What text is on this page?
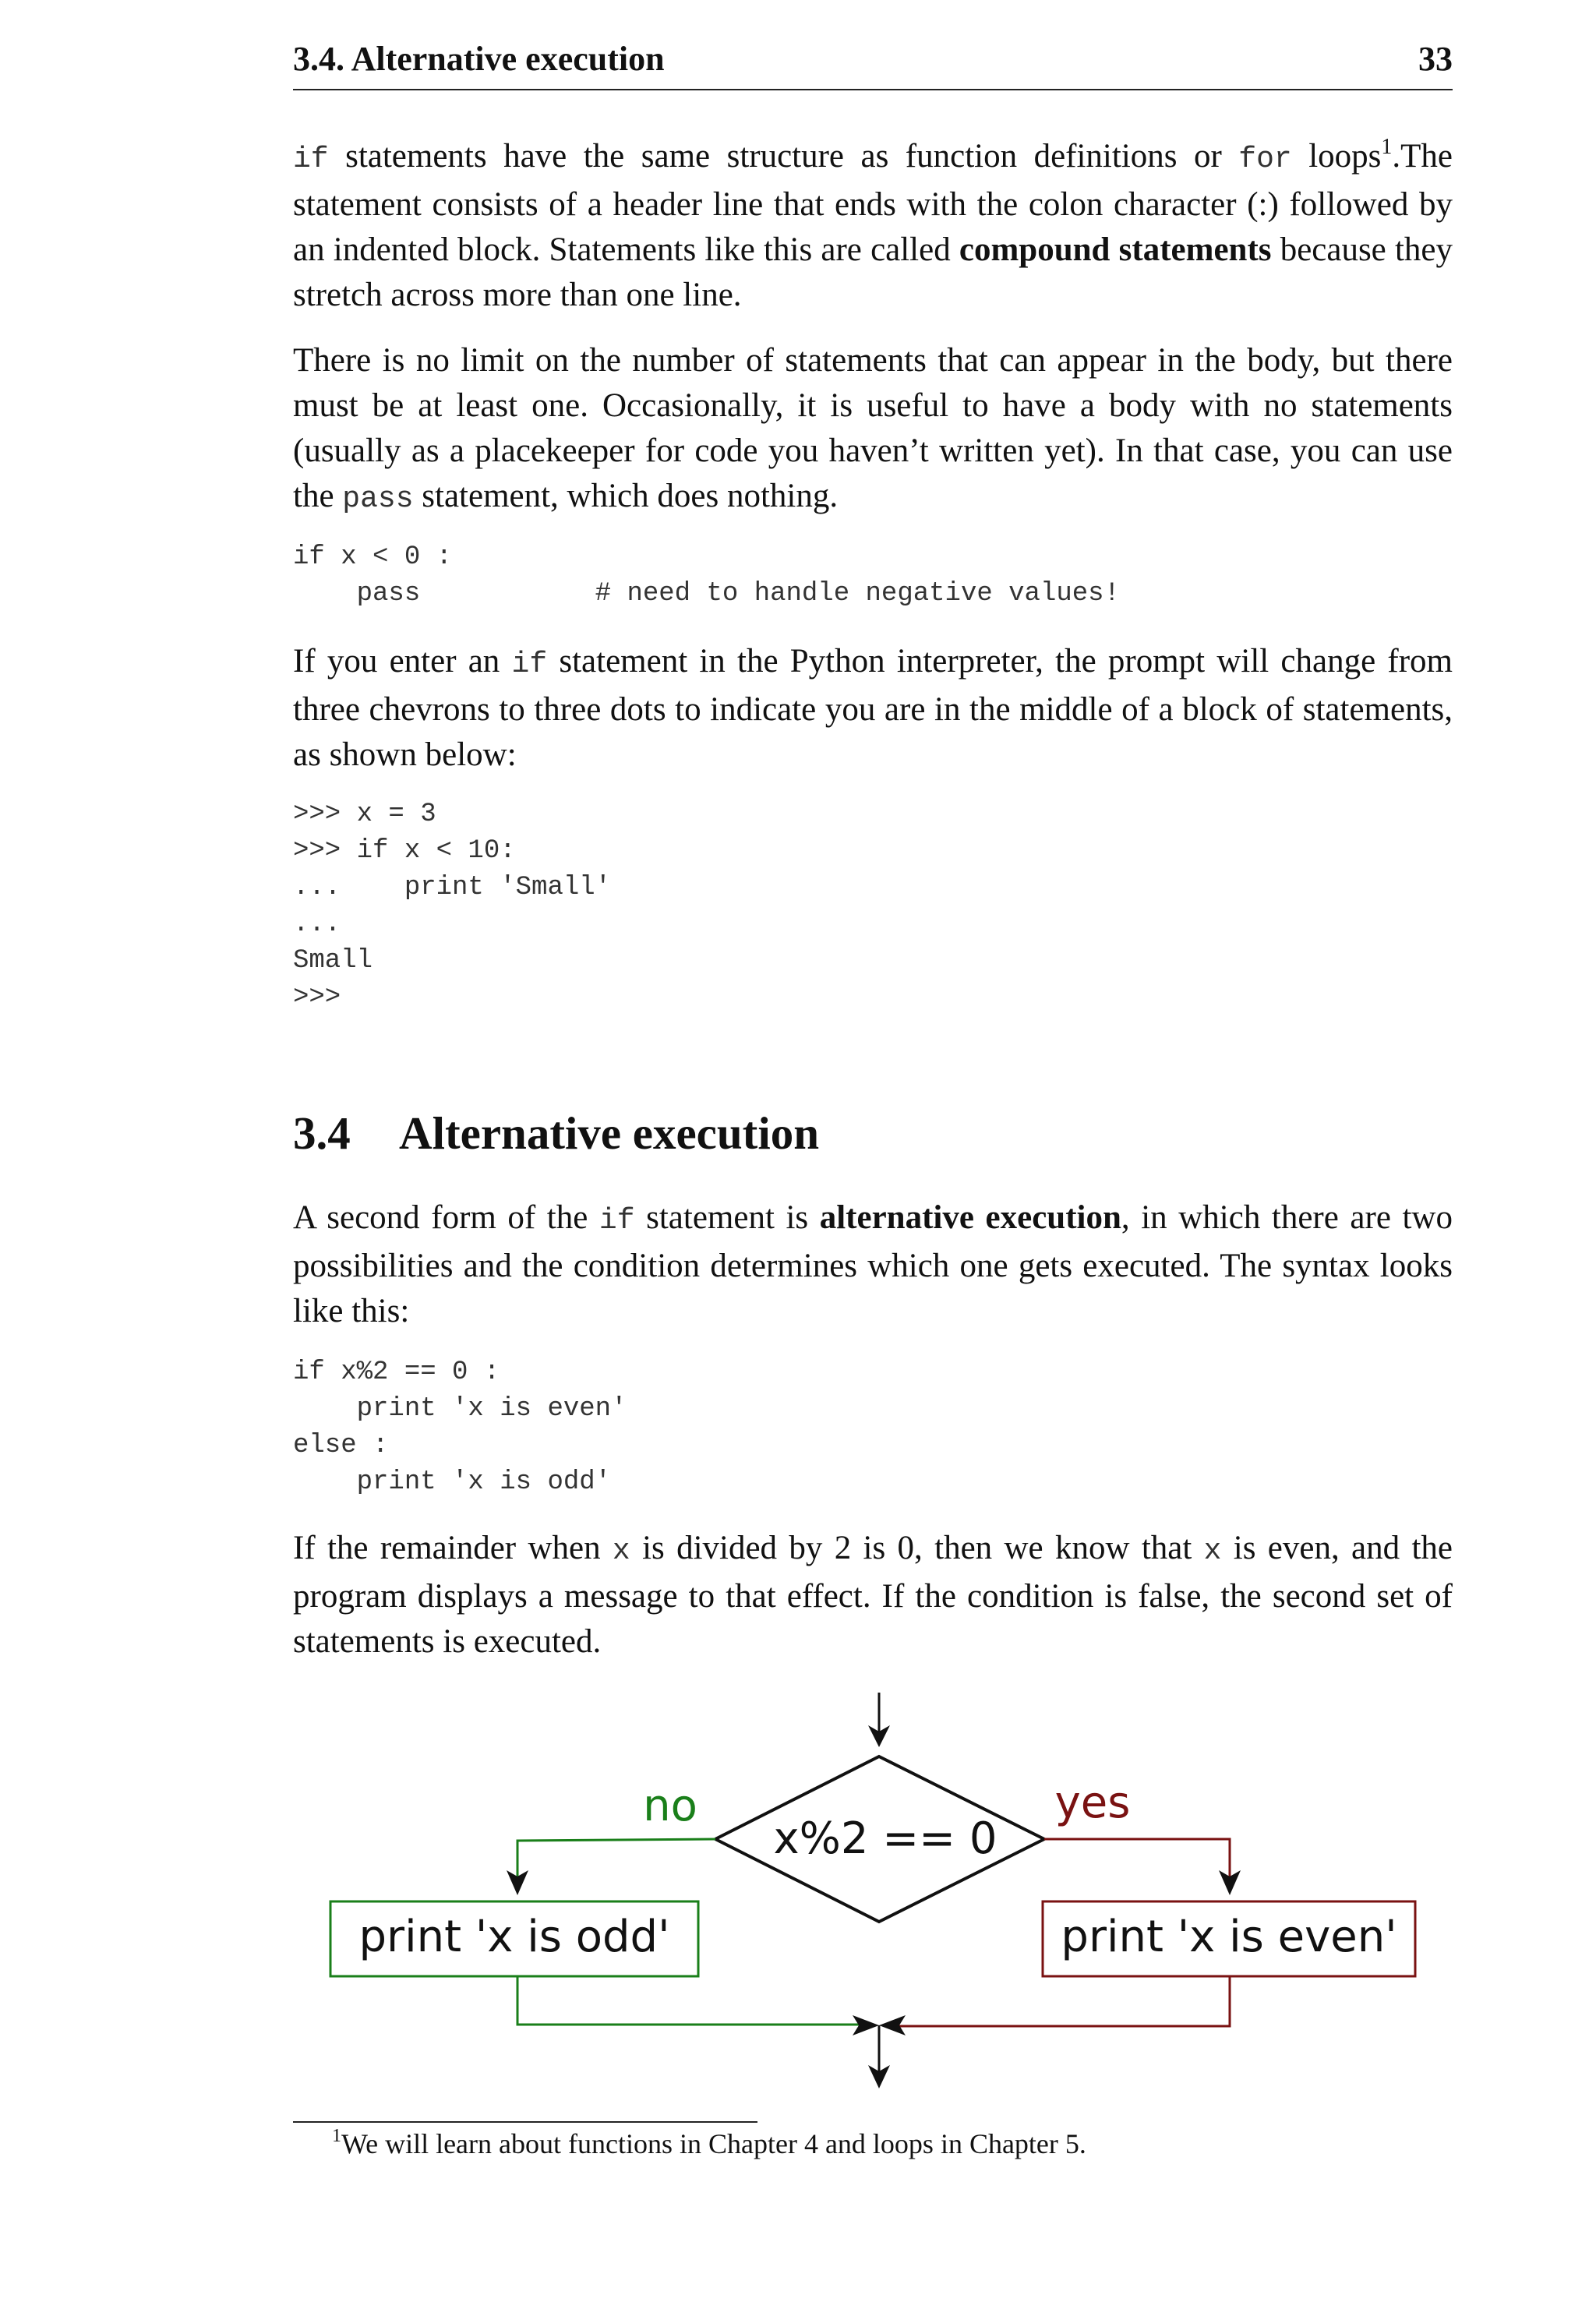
3.4. Alternative execution	33

if statements have the same structure as function definitions or for loops$^1$.The statement consists of a header line that ends with the colon character (:) followed by an indented block. Statements like this are called compound statements because they stretch across more than one line.

There is no limit on the number of statements that can appear in the body, but there must be at least one. Occasionally, it is useful to have a body with no statements (usually as a placekeeper for code you haven’t written yet). In that case, you can use the pass statement, which does nothing.

if x < 0 :
pass           # need to handle negative values!

If you enter an if statement in the Python interpreter, the prompt will change from three chevrons to three dots to indicate you are in the middle of a block of statements, as shown below:

>>> x = 3
>>> if x < 10:
...    print 'Small'
...
Small
>>>
3.4 Alternative execution

A second form of the if statement is alternative execution, in which there are two possibilities and the condition determines which one gets executed. The syntax looks like this:

if x%2 == 0 :
print 'x is even'
else :
print 'x is odd'

If the remainder when x is divided by 2 is 0, then we know that x is even, and the program displays a message to that effect. If the condition is false, the second set of statements is executed.

x%2 == 0
no	yes
print 'x is odd'	print 'x is even'

$^1$We will learn about functions in Chapter 4 and loops in Chapter 5.
